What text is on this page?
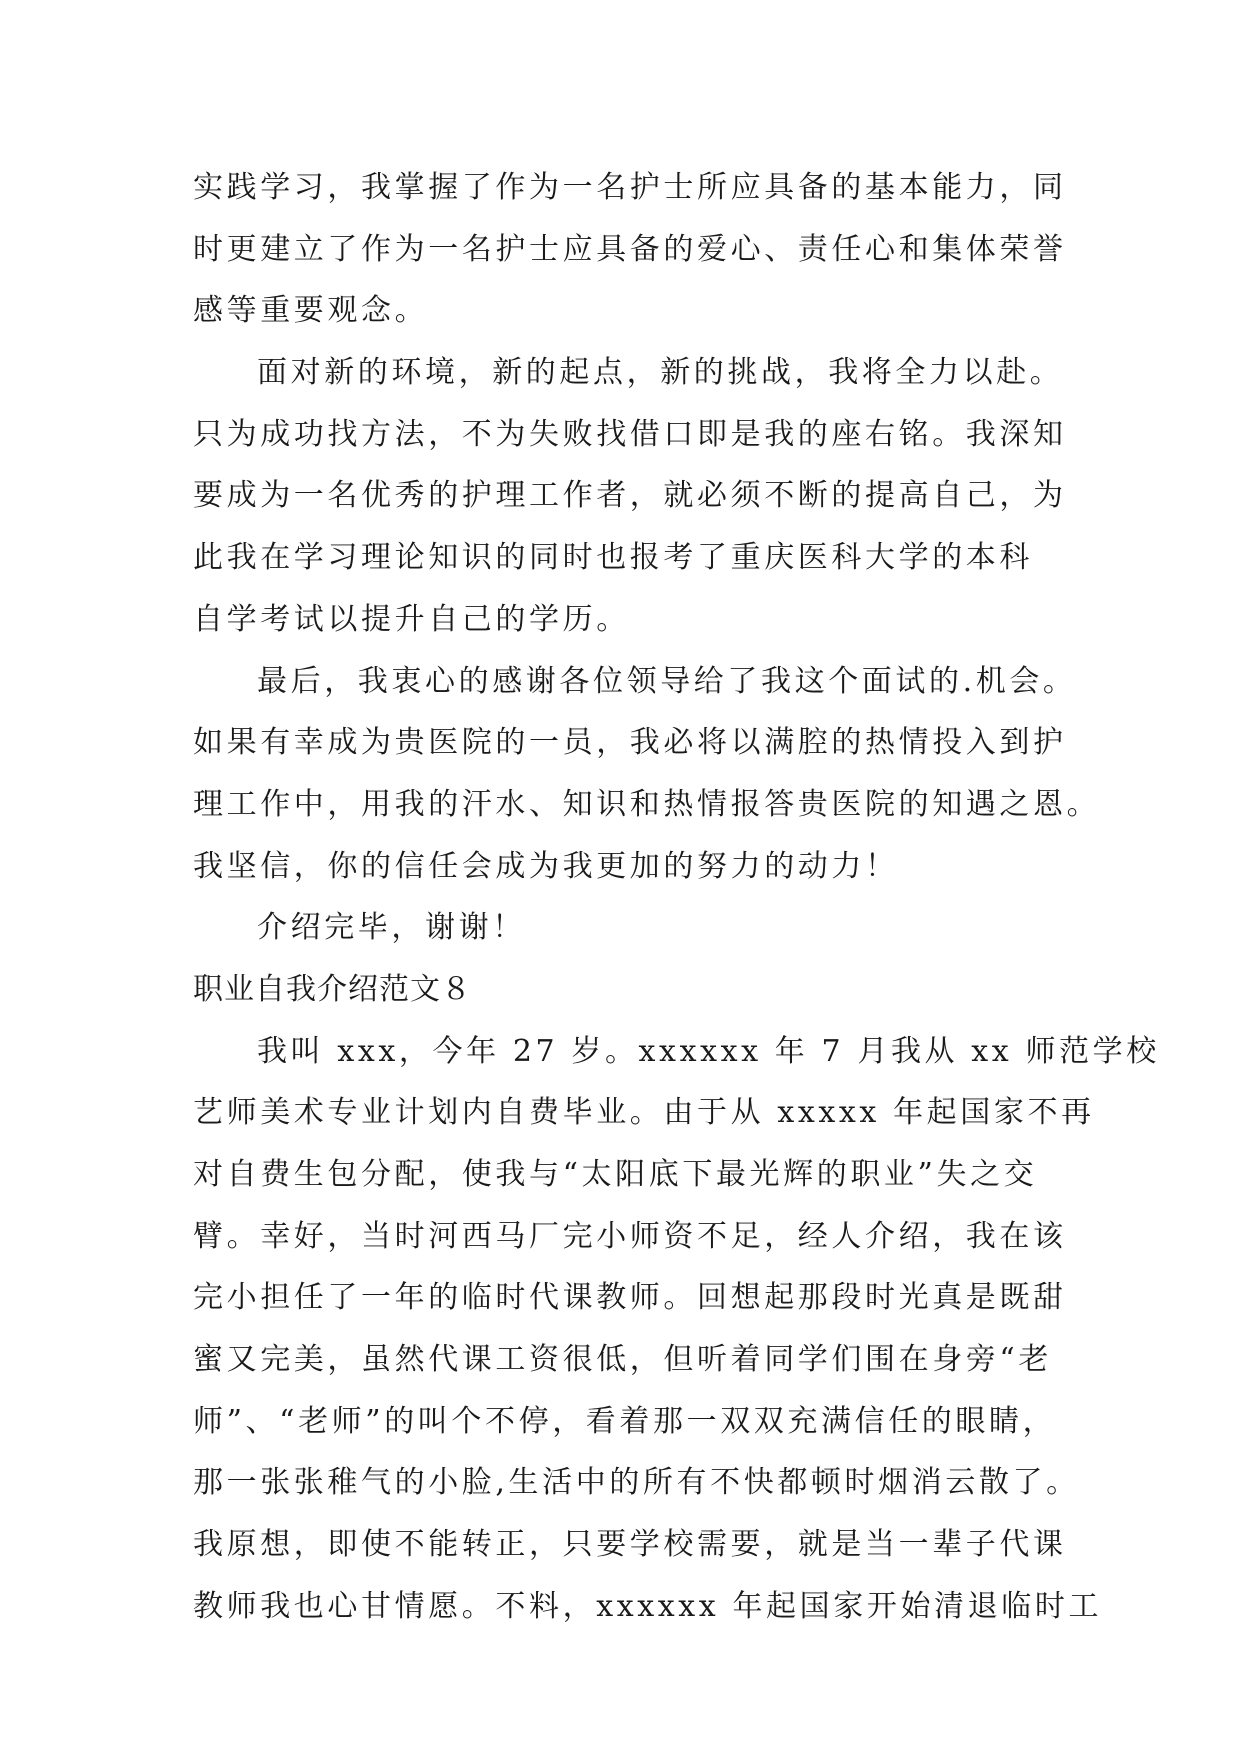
实践学习，我掌握了作为一名护士所应具备的基本能力，同
时更建立了作为一名护士应具备的爱心、责任心和集体荣誉
感等重要观念。
面对新的环境，新的起点，新的挑战，我将全力以赴。
只为成功找方法，不为失败找借口即是我的座右铭。我深知
要成为一名优秀的护理工作者，就必须不断的提高自己，为
此我在学习理论知识的同时也报考了重庆医科大学的本科
自学考试以提升自己的学历。
最后，我衷心的感谢各位领导给了我这个面试的.机会。
如果有幸成为贵医院的一员，我必将以满腔的热情投入到护
理工作中，用我的汗水、知识和热情报答贵医院的知遇之恩。
我坚信，你的信任会成为我更加的努力的动力！
介绍完毕，谢谢！
职业自我介绍范文８
我叫 xxx，今年 27 岁。xxxxxx 年 7 月我从 xx 师范学校
艺师美术专业计划内自费毕业。由于从 xxxxx 年起国家不再
对自费生包分配，使我与“太阳底下最光辉的职业”失之交
臂。幸好，当时河西马厂完小师资不足，经人介绍，我在该
完小担任了一年的临时代课教师。回想起那段时光真是既甜
蜜又完美，虽然代课工资很低，但听着同学们围在身旁“老
师”、“老师”的叫个不停，看着那一双双充满信任的眼睛，
那一张张稚气的小脸,生活中的所有不快都顿时烟消云散了。
我原想，即使不能转正，只要学校需要，就是当一辈子代课
教师我也心甘情愿。不料，xxxxxx 年起国家开始清退临时工
